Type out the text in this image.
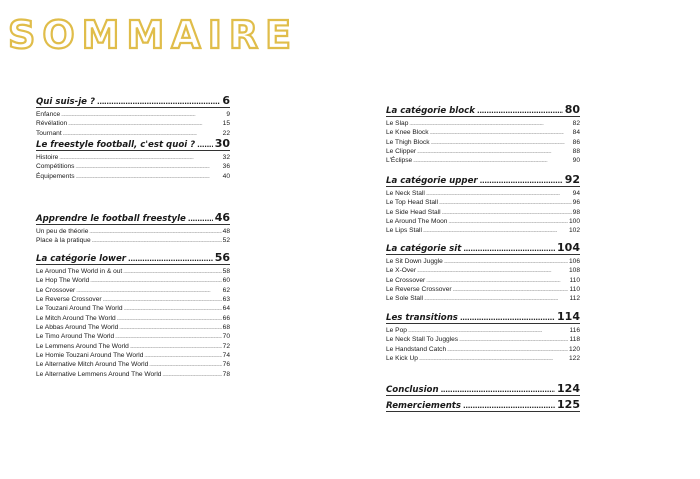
SOMMAIRE
Qui suis-je ? .....	6
Enfance .....	9
Révélation .....	15
Tournant .....	22
Le freestyle football, c'est quoi ? ..... 30
Histoire .....	32
Compétitions .....	36
Équipements .....	40
Apprendre le football freestyle .....	46
Un peu de théorie .....	48
Place à la pratique .....	52
La catégorie lower .....	56
Le Around The World in & out .....	58
Le Hop The World .....	60
Le Crossover .....	62
Le Reverse Crossover .....	63
Le Touzani Around The World .....	64
Le Mitch Around The World .....	66
Le Abbas Around The World .....	68
Le Timo Around The World .....	70
Le Lemmens Around The World .....	72
Le Homie Touzani Around The World .....	74
Le Alternative Mitch Around The World .....	76
Le Alternative Lemmens Around The World .....	78
La catégorie block .....	80
Le Slap .....	82
Le Knee Block .....	84
Le Thigh Block .....	86
Le Clipper .....	88
L'Éclipse .....	90
La catégorie upper .....	92
Le Neck Stall .....	94
Le Top Head Stall .....	96
Le Side Head Stall .....	98
Le Around The Moon .....	100
Le Lips Stall .....	102
La catégorie sit .....	104
Le Sit Down Juggle .....	106
Le X-Over .....	108
Le Crossover .....	110
Le Reverse Crossover .....	110
Le Sole Stall .....	112
Les transitions .....	114
Le Pop .....	116
Le Neck Stall To Juggles .....	118
Le Handstand Catch .....	120
Le Kick Up .....	122
Conclusion .....	124
Remerciements .....	125
